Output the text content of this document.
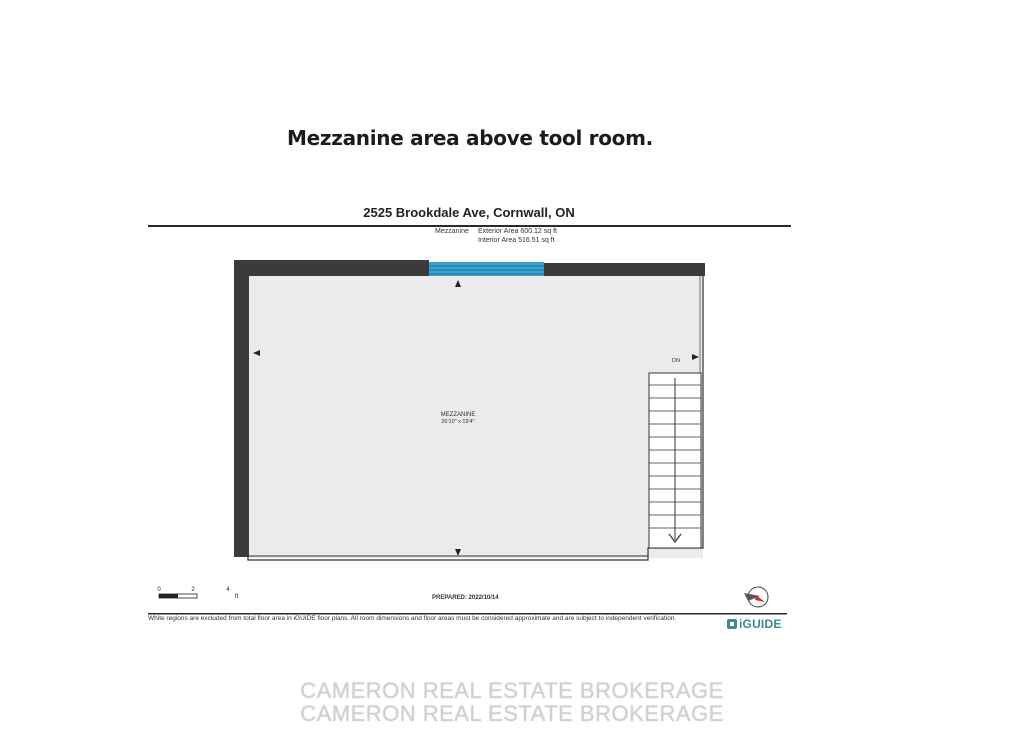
Mezzanine area above tool room.
2525 Brookdale Ave, Cornwall, ON
Mezzanine Exterior Area 600.12 sq ft
Interior Area 516.51 sq ft
DN
MEZZANINE
26'10" x 19'4"
0	2	4
ft	PREPARED: 2022/10/14
White regions are excluded from total floor area in iGUIDE floor plans. All room dimensions and floor areas must be considered approximate and are subject to independent verification.	iGUIDE
CAMERON REAL ESTATE BROKERAGE
CAMERON REAL ESTATE BROKERAGE
